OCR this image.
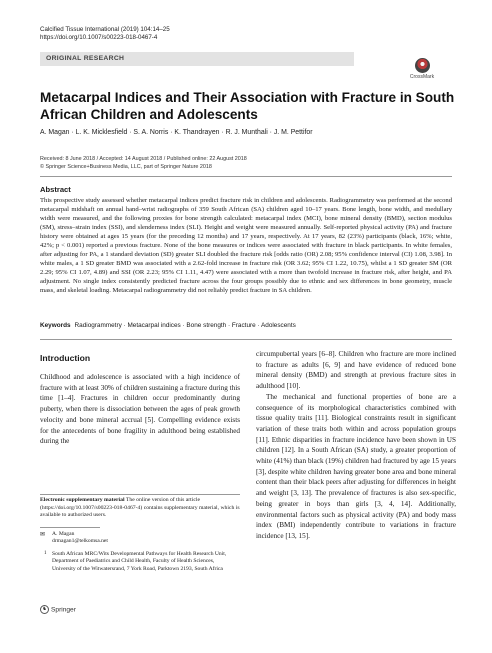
Calcified Tissue International (2019) 104:14–25
https://doi.org/10.1007/s00223-018-0467-4
ORIGINAL RESEARCH
CrossMark
Metacarpal Indices and Their Association with Fracture in South African Children and Adolescents
A. Magan · L. K. Micklesfield · S. A. Norris · K. Thandrayen · R. J. Munthali · J. M. Pettifor
Received: 8 June 2018 / Accepted: 14 August 2018 / Published online: 22 August 2018
© Springer Science+Business Media, LLC, part of Springer Nature 2018
Abstract
This prospective study assessed whether metacarpal indices predict fracture risk in children and adolescents. Radiogrammetry was performed at the second metacarpal midshaft on annual hand–wrist radiographs of 359 South African (SA) children aged 10–17 years. Bone length, bone width, and medullary width were measured, and the following proxies for bone strength calculated: metacarpal index (MCI), bone mineral density (BMD), section modulus (SM), stress–strain index (SSI), and slenderness index (SLI). Height and weight were measured annually. Self-reported physical activity (PA) and fracture history were obtained at ages 15 years (for the preceding 12 months) and 17 years, respectively. At 17 years, 82 (23%) participants (black, 16%; white, 42%; p < 0.001) reported a previous fracture. None of the bone measures or indices were associated with fracture in black participants. In white females, after adjusting for PA, a 1 standard deviation (SD) greater SLI doubled the fracture risk [odds ratio (OR) 2.08; 95% confidence interval (CI) 1.08, 3.98]. In white males, a 1 SD greater BMD was associated with a 2.62-fold increase in fracture risk (OR 3.62; 95% CI 1.22, 10.75), whilst a 1 SD greater SM (OR 2.29; 95% CI 1.07, 4.89) and SSI (OR 2.23; 95% CI 1.11, 4.47) were associated with a more than twofold increase in fracture risk, after height, and PA adjustment. No single index consistently predicted fracture across the four groups possibly due to ethnic and sex differences in bone geometry, muscle mass, and skeletal loading. Metacarpal radiogrammetry did not reliably predict fracture in SA children.
Keywords Radiogrammetry · Metacarpal indices · Bone strength · Fracture · Adolescents
Introduction
Childhood and adolescence is associated with a high incidence of fracture with at least 30% of children sustaining a fracture during this time [1–4]. Fractures in children occur predominantly during puberty, when there is dissociation between the ages of peak growth velocity and bone mineral accrual [5]. Compelling evidence exists for the antecedents of bone fragility in adulthood being established during the
circumpubertal years [6–8]. Children who fracture are more inclined to fracture as adults [6, 9] and have evidence of reduced bone mineral density (BMD) and strength at previous fracture sites in adulthood [10].
The mechanical and functional properties of bone are a consequence of its morphological characteristics combined with tissue quality traits [11]. Biological constraints result in significant variation of these traits both within and across population groups [11]. Ethnic disparities in fracture incidence have been shown in US children [12]. In a South African (SA) study, a greater proportion of white (41%) than black (19%) children had fractured by age 15 years [3], despite white children having greater bone area and bone mineral content than their black peers after adjusting for differences in height and weight [3, 13]. The prevalence of fractures is also sex-specific, being greater in boys than girls [3, 4, 14]. Additionally, environmental factors such as physical activity (PA) and body mass index (BMI) independently contribute to variations in fracture incidence [13, 15].
Electronic supplementary material The online version of this article (https://doi.org/10.1007/s00223-018-0467-4) contains supplementary material, which is available to authorized users.
✉ A. Magan
drmagan1@telkomsa.net
1 South African MRC/Wits Developmental Pathways for Health Research Unit, Department of Paediatrics and Child Health, Faculty of Health Sciences, University of the Witwatersrand, 7 York Road, Parktown 2193, South Africa
♞ Springer
